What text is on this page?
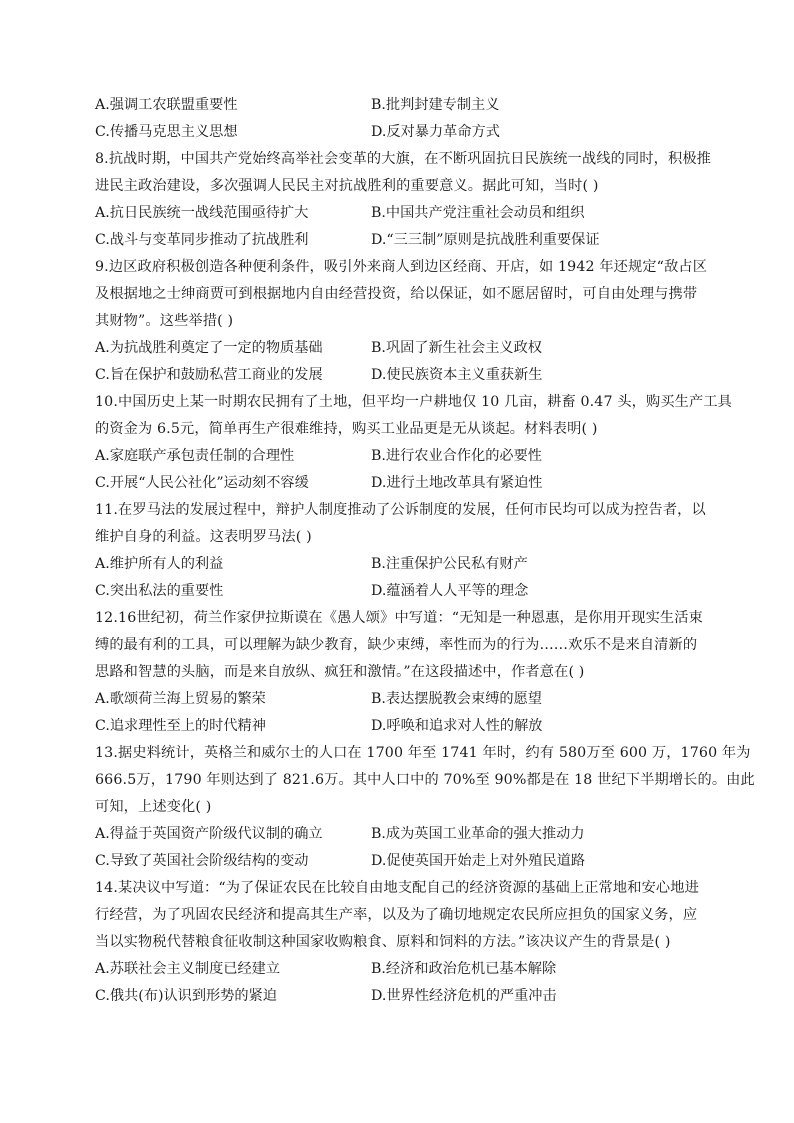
A.强调工农联盟重要性	B.批判封建专制主义
C.传播马克思主义思想	D.反对暴力革命方式
8.抗战时期，中国共产党始终高举社会变革的大旗，在不断巩固抗日民族统一战线的同时，积极推
进民主政治建设，多次强调人民民主对抗战胜利的重要意义。据此可知，当时( )
A.抗日民族统一战线范围亟待扩大	B.中国共产党注重社会动员和组织
C.战斗与变革同步推动了抗战胜利	D.“三三制”原则是抗战胜利重要保证
9.边区政府积极创造各种便利条件，吸引外来商人到边区经商、开店，如 1942 年还规定“敌占区
及根据地之士绅商贾可到根据地内自由经营投资，给以保证，如不愿居留时，可自由处理与携带
其财物”。这些举措( )
A.为抗战胜利奠定了一定的物质基础	B.巩固了新生社会主义政权
C.旨在保护和鼓励私营工商业的发展	D.使民族资本主义重获新生
10.中国历史上某一时期农民拥有了土地，但平均一户耕地仅 10 几亩，耕畜 0.47 头，购买生产工具
的资金为 6.5元，简单再生产很难维持，购买工业品更是无从谈起。材料表明( )
A.家庭联产承包责任制的合理性	B.进行农业合作化的必要性
C.开展“人民公社化”运动刻不容缓	D.进行土地改革具有紧迫性
11.在罗马法的发展过程中，辩护人制度推动了公诉制度的发展，任何市民均可以成为控告者，以
维护自身的利益。这表明罗马法( )
A.维护所有人的利益	B.注重保护公民私有财产
C.突出私法的重要性	D.蕴涵着人人平等的理念
12.16世纪初，荷兰作家伊拉斯谟在《愚人颂》中写道：“无知是一种恩惠，是你用开现实生活束
缚的最有利的工具，可以理解为缺少教育，缺少束缚，率性而为的行为……欢乐不是来自清新的
思路和智慧的头脑，而是来自放纵、疯狂和激情。”在这段描述中，作者意在( )
A.歌颂荷兰海上贸易的繁荣	B.表达摆脱教会束缚的愿望
C.追求理性至上的时代精神	D.呼唤和追求对人性的解放
13.据史料统计，英格兰和威尔士的人口在 1700 年至 1741 年时，约有 580万至 600 万，1760 年为
666.5万，1790 年则达到了 821.6万。其中人口中的 70%至 90%都是在 18 世纪下半期增长的。由此
可知，上述变化( )
A.得益于英国资产阶级代议制的确立	B.成为英国工业革命的强大推动力
C.导致了英国社会阶级结构的变动	D.促使英国开始走上对外殖民道路
14.某决议中写道：“为了保证农民在比较自由地支配自己的经济资源的基础上正常地和安心地进
行经营，为了巩固农民经济和提高其生产率，以及为了确切地规定农民所应担负的国家义务，应
当以实物税代替粮食征收制这种国家收购粮食、原料和饲料的方法。”该决议产生的背景是( )
A.苏联社会主义制度已经建立	B.经济和政治危机已基本解除
C.俄共(布)认识到形势的紧迫	D.世界性经济危机的严重冲击
